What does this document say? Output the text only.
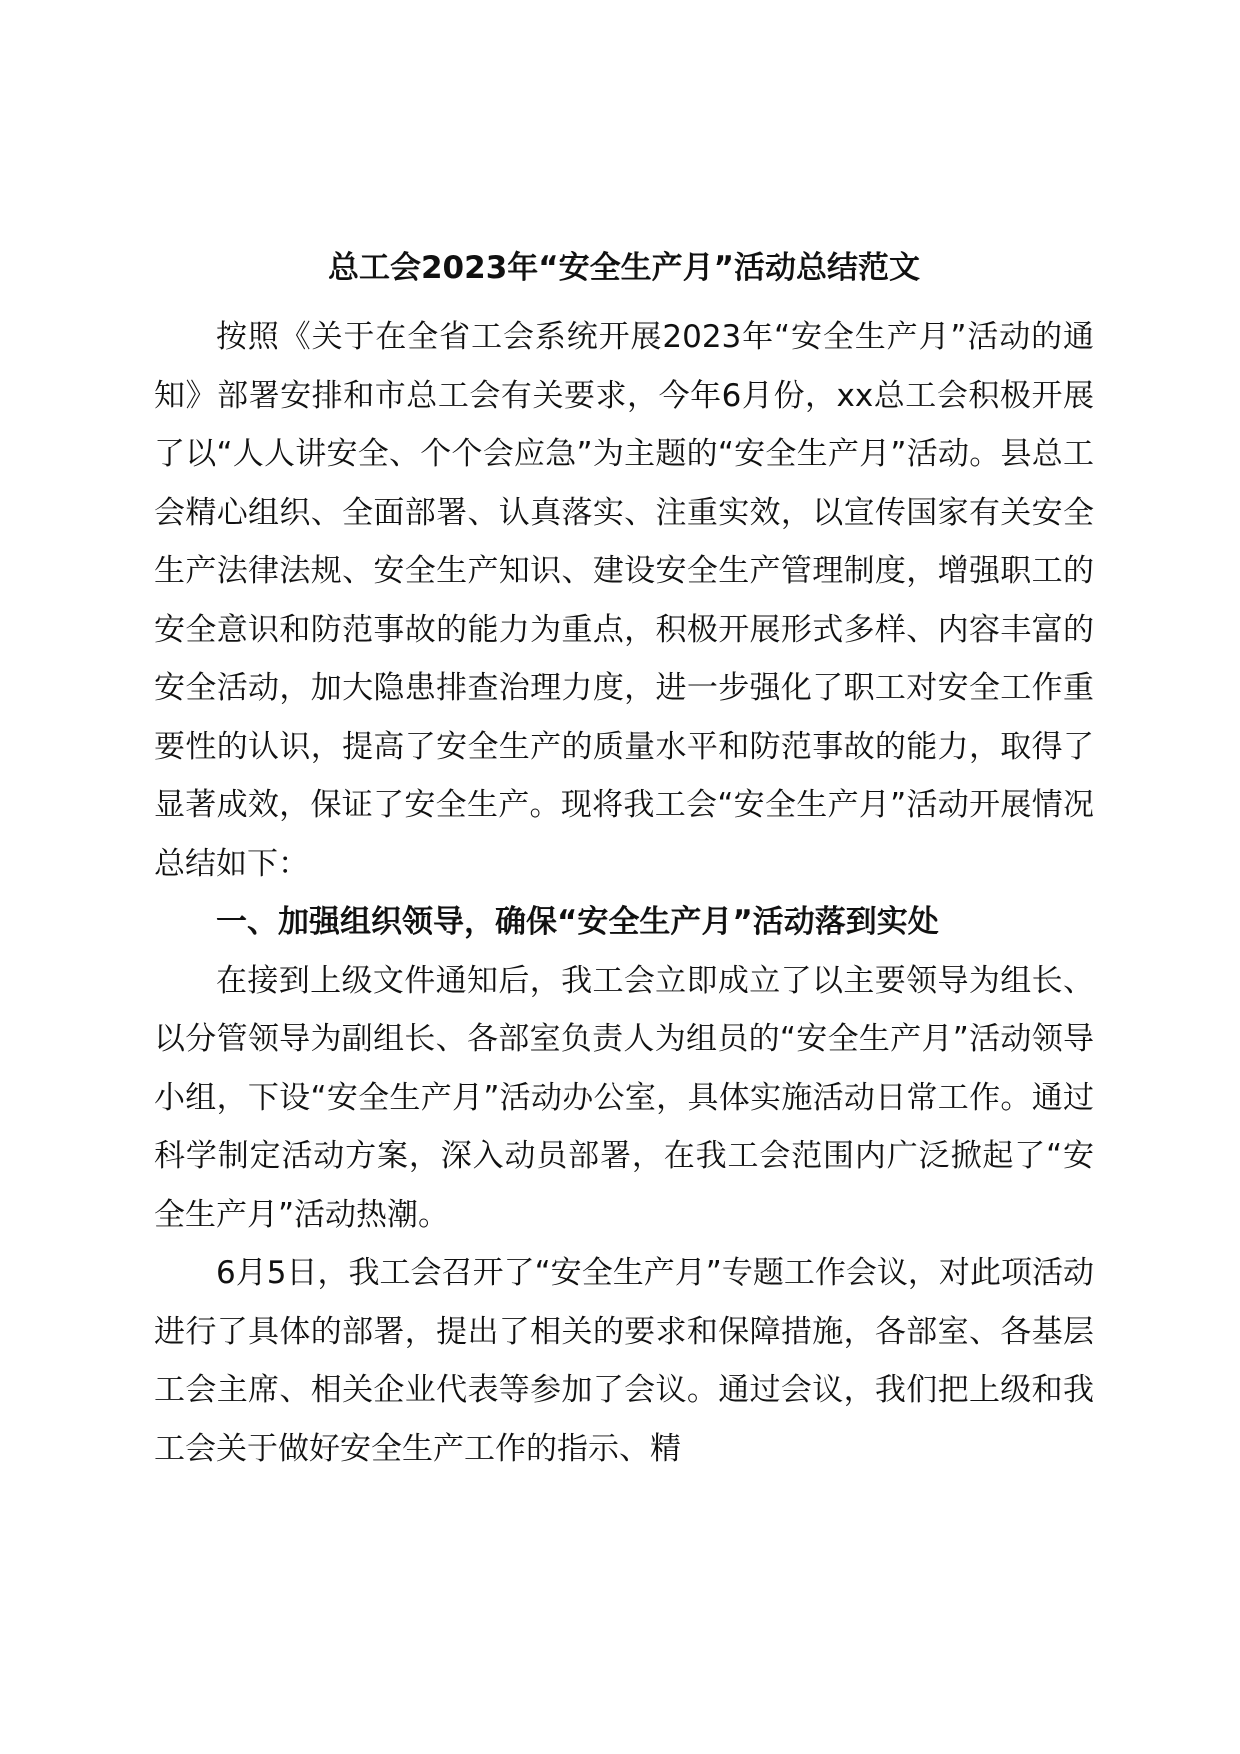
总工会2023年“安全生产月”活动总结范文

按照《关于在全省工会系统开展2023年“安全生产月”活动的通知》部署安排和市总工会有关要求，今年6月份，xx总工会积极开展了以“人人讲安全、个个会应急”为主题的“安全生产月”活动。县总工会精心组织、全面部署、认真落实、注重实效，以宣传国家有关安全生产法律法规、安全生产知识、建设安全生产管理制度，增强职工的安全意识和防范事故的能力为重点，积极开展形式多样、内容丰富的安全活动，加大隐患排查治理力度，进一步强化了职工对安全工作重要性的认识，提高了安全生产的质量水平和防范事故的能力，取得了显著成效，保证了安全生产。现将我工会“安全生产月”活动开展情况总结如下：

一、加强组织领导，确保“安全生产月”活动落到实处

在接到上级文件通知后，我工会立即成立了以主要领导为组长、以分管领导为副组长、各部室负责人为组员的“安全生产月”活动领导小组，下设“安全生产月”活动办公室，具体实施活动日常工作。通过科学制定活动方案，深入动员部署，在我工会范围内广泛掀起了“安全生产月”活动热潮。

6月5日，我工会召开了“安全生产月”专题工作会议，对此项活动进行了具体的部署，提出了相关的要求和保障措施，各部室、各基层工会主席、相关企业代表等参加了会议。通过会议，我们把上级和我工会关于做好安全生产工作的指示、精
